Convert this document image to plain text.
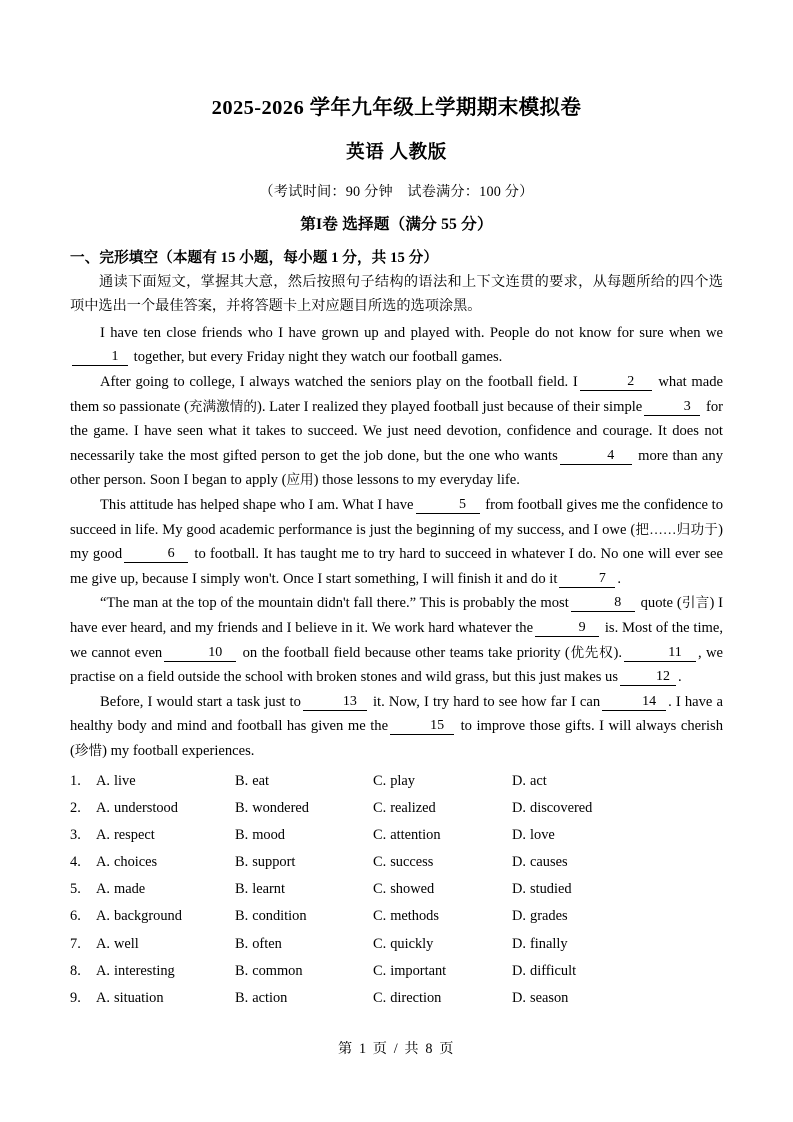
2025-2026 学年九年级上学期期末模拟卷
英语 人教版
（考试时间：90 分钟　试卷满分：100 分）
第I卷 选择题（满分 55 分）
一、完形填空（本题有 15 小题，每小题 1 分，共 15 分）
通读下面短文，掌握其大意，然后按照句子结构的语法和上下文连贯的要求，从每题所给的四个选项中选出一个最佳答案，并将答题卡上对应题目所选的选项涂黑。

I have ten close friends who I have grown up and played with. People do not know for sure when we1 together, but every Friday night they watch our football games.

After going to college, I always watched the seniors play on the football field. I	2 what made them so passionate (充满激情的). Later I realized they played football just because of their simple	3 for the game. I have seen what it takes to succeed. We just need devotion, confidence and courage. It does not necessarily take the most gifted person to get the job done, but the one who wants	4 more than any other person. Soon I began to apply (应用) those lessons to my everyday life.

This attitude has helped shape who I am. What I have	5 from football gives me the confidence to succeed in life. My good academic performance is just the beginning of my success, and I owe (把……归功于) my good	6 to football. It has taught me to try hard to succeed in whatever I do. No one will ever see me give up, because I simply won't. Once I start something, I will finish it and do it	7 .

“The man at the top of the mountain didn't fall there.” This is probably the most	8 quote (引言) I have ever heard, and my friends and I believe in it. We work hard whatever the	9 is. Most of the time, we cannot even	10 on the football field because other teams take priority (优先权).	11 , we practise on a field outside the school with broken stones and wild grass, but this just makes us	12 .

Before, I would start a task just to	13 it. Now, I try hard to see how far I can	14 . I have a healthy body and mind and football has given me the	15 to improve those gifts. I will always cherish (珍惜) my football experiences.

1.	A. live	B. eat	C. play	D. act
2.	A. understood	B. wondered	C. realized	D. discovered
3.	A. respect	B. mood	C. attention	D. love
4.	A. choices	B. support	C. success	D. causes
5.	A. made	B. learnt	C. showed	D. studied
6.	A. background	B. condition	C. methods	D. grades
7.	A. well	B. often	C. quickly	D. finally
8.	A. interesting	B. common	C. important	D. difficult
9.	A. situation	B. action	C. direction	D. season
第 1 页 / 共 8 页
